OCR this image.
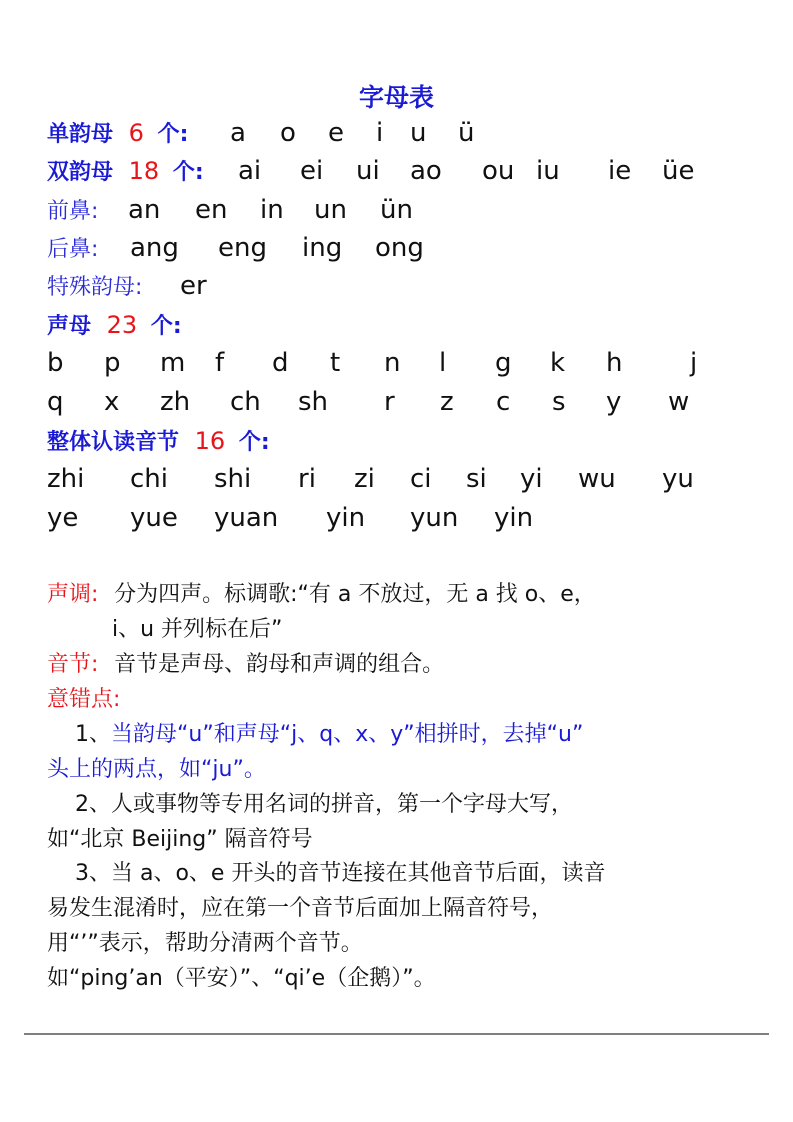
字母表
单韵母 6 个: a o e i u ü
双韵母 18 个: ai ei ui ao ou iu ie üe
前鼻: an en in un ün
后鼻: ang eng ing ong
特殊韵母: er
声母 23 个:
b p m f d t n l g k h	j
q x zh ch sh r z c s y w
整体认读音节 16 个:
zhi chi shi ri zi ci si yi wu yu
ye yue yuan yin yun yin
声调: 分为四声。标调歌:“有 a 不放过，无 a 找 o、e，
i、u 并列标在后”
音节: 音节是声母、韵母和声调的组合。
意错点:
1、当韵母“u”和声母“j、q、x、y”相拼时，去掉“u”
头上的两点，如“ju”。
2、人或事物等专用名词的拼音，第一个字母大写，
如“北京 Beijing” 隔音符号
3、当 a、o、e 开头的音节连接在其他音节后面，读音
易发生混淆时，应在第一个音节后面加上隔音符号，
用“’”表示，帮助分清两个音节。
如“ping’an（平安）”、“qi’e（企鹅）”。
